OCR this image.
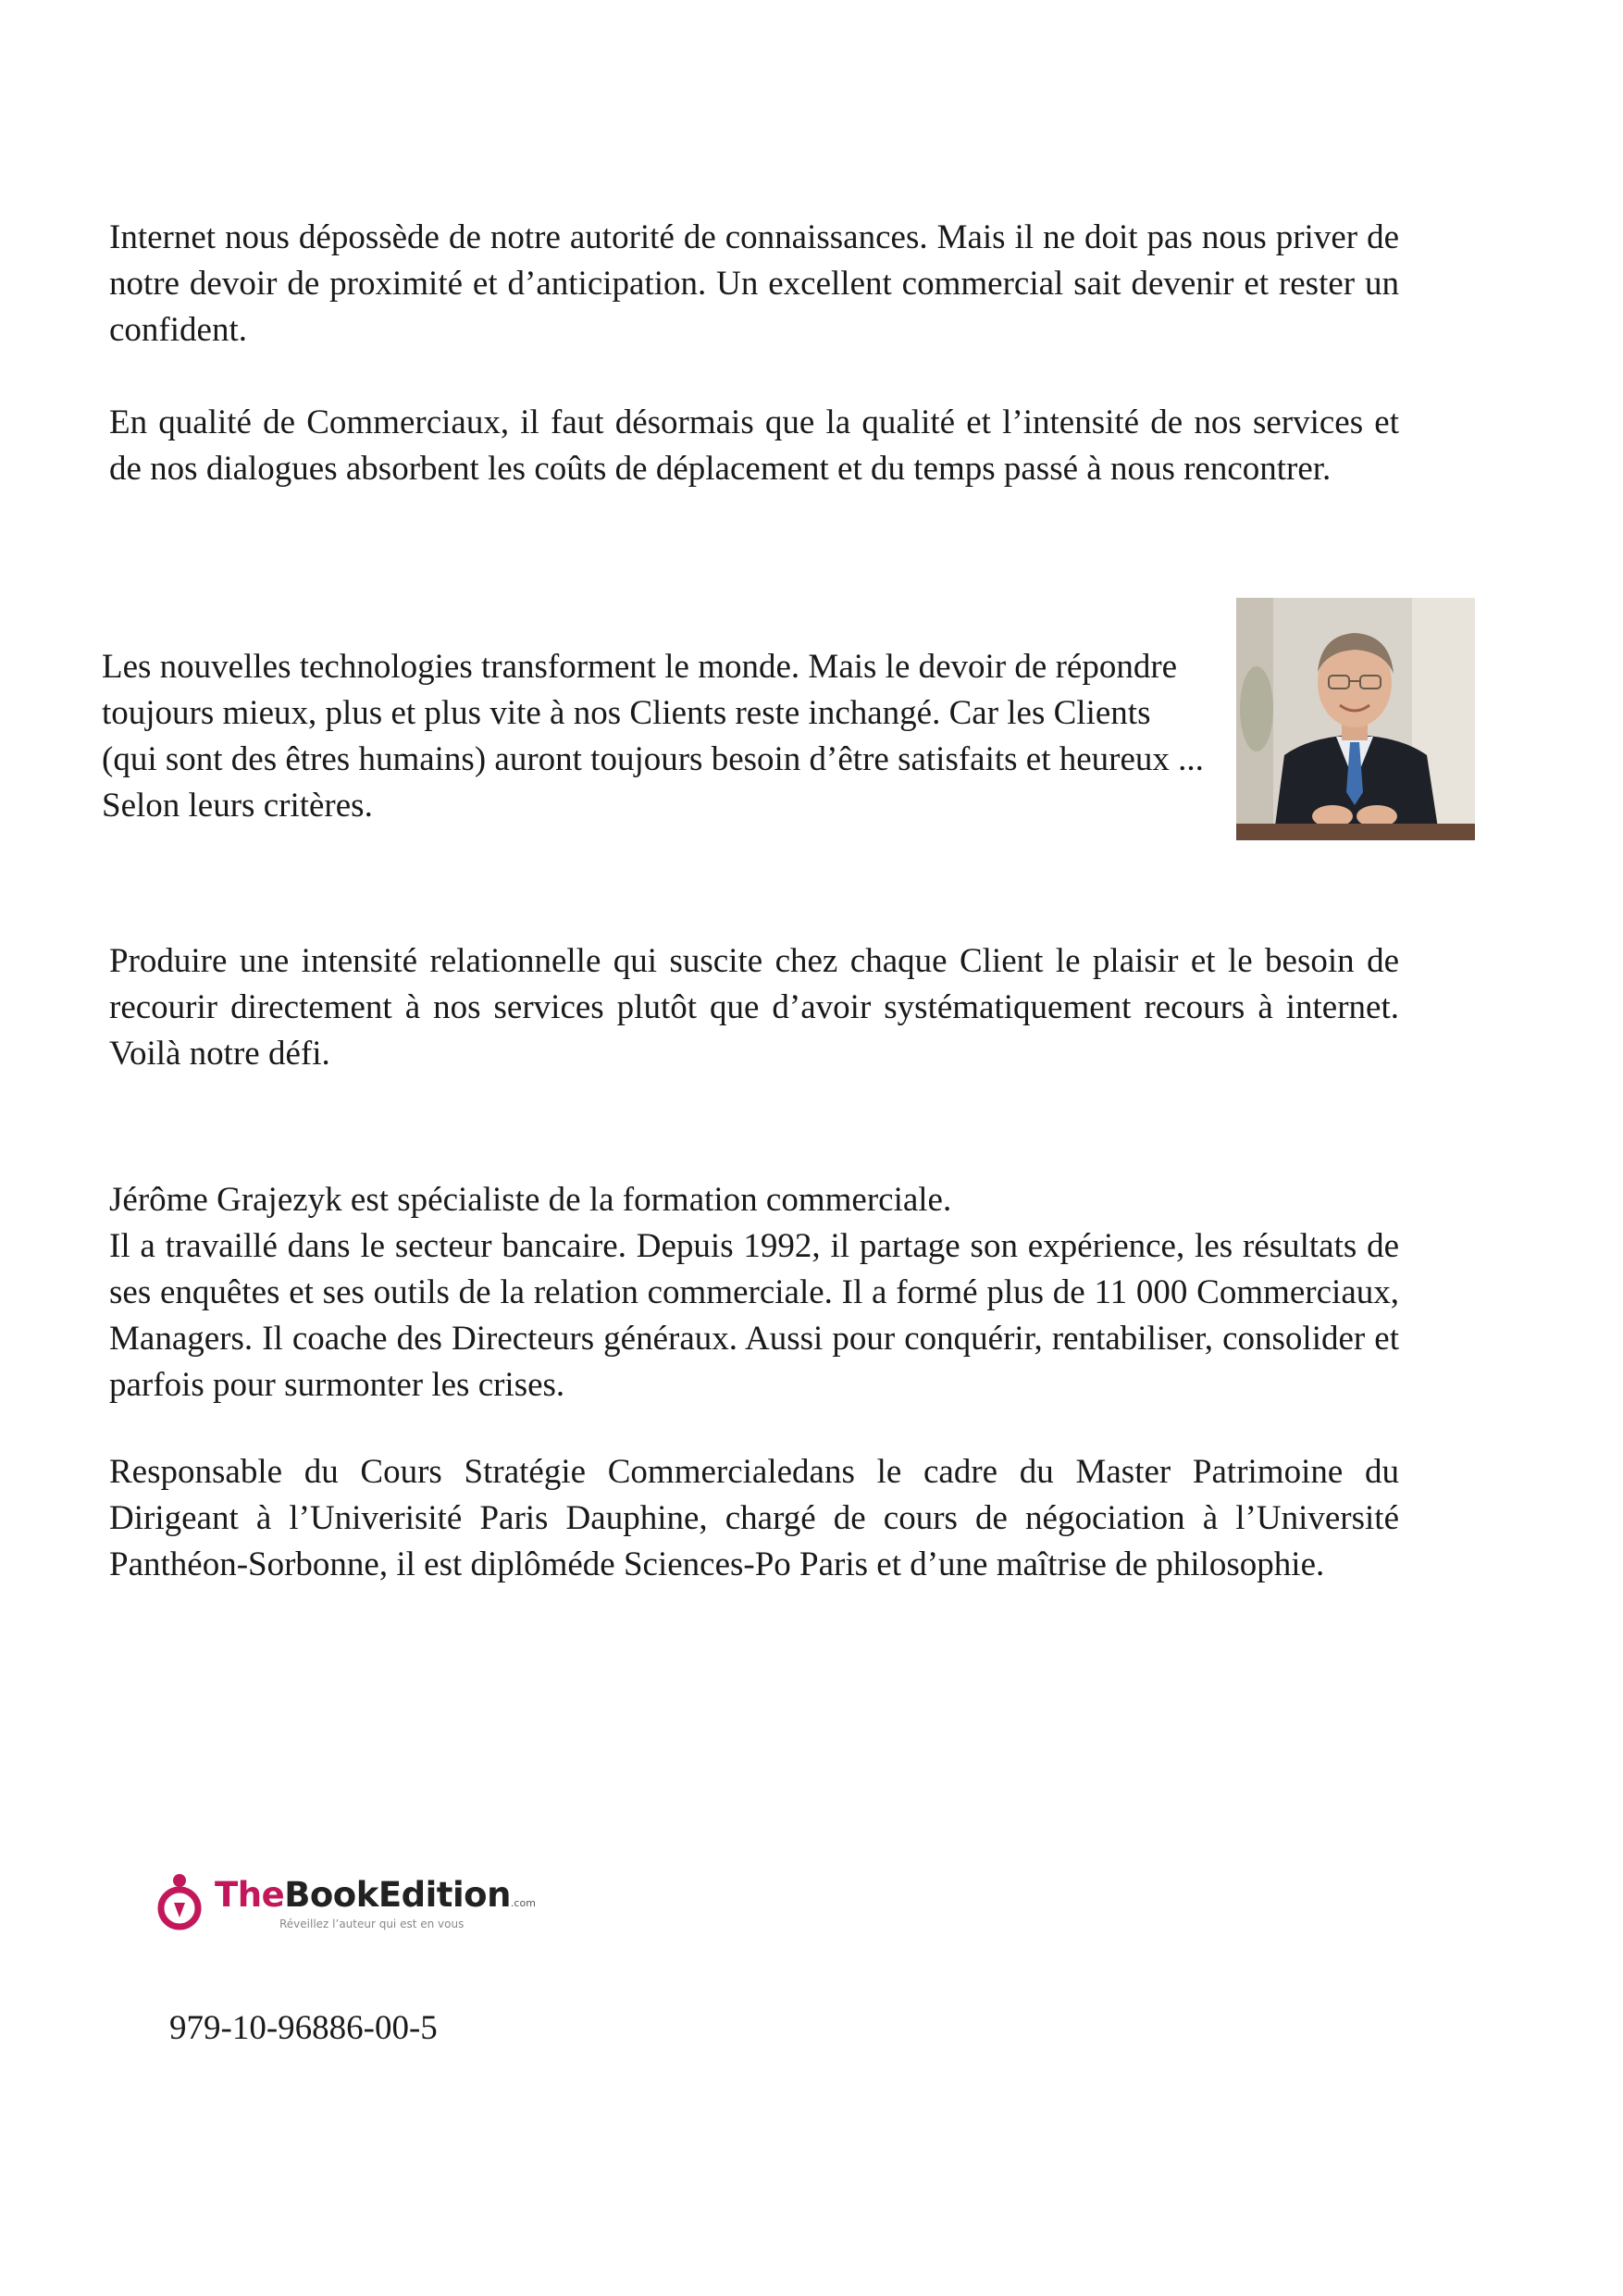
Internet nous dépossède de notre autorité de connaissances. Mais il ne doit pas nous priver de notre devoir de proximité et d’anticipation. Un excellent commercial sait devenir et rester un confident.

En qualité de Commerciaux, il faut désormais que la qualité et l’intensité de nos services et de nos dialogues absorbent les coûts de déplacement et du temps passé à nous rencontrer.

Les nouvelles technologies transforment le monde. Mais le devoir de répondre toujours mieux, plus et plus vite à nos Clients reste inchangé. Car les Clients (qui sont des êtres humains) auront toujours besoin d’être satisfaits et heureux ... Selon leurs critères.

Produire une intensité relationnelle qui suscite chez chaque Client le plaisir et le besoin de recourir directement à nos services plutôt que d’avoir systématiquement recours à internet. Voilà notre défi.

Jérôme Grajezyk est spécialiste de la formation commerciale.
Il a travaillé dans le secteur bancaire. Depuis 1992, il partage son expérience, les résultats de ses enquêtes et ses outils de la relation commerciale. Il a formé plus de 11 000 Commerciaux, Managers. Il coache des Directeurs généraux. Aussi pour conquérir, rentabiliser, consolider et parfois pour surmonter les crises.

Responsable du Cours Stratégie Commercialedans le cadre du Master Patrimoine du Dirigeant à l’Univerisité Paris Dauphine, chargé de cours de négociation à l’Université Panthéon-Sorbonne, il est diplôméde Sciences-Po Paris et d’une maîtrise de philosophie.

TheBookEdition.com
Réveillez l’auteur qui est en vous
979-10-96886-00-5
